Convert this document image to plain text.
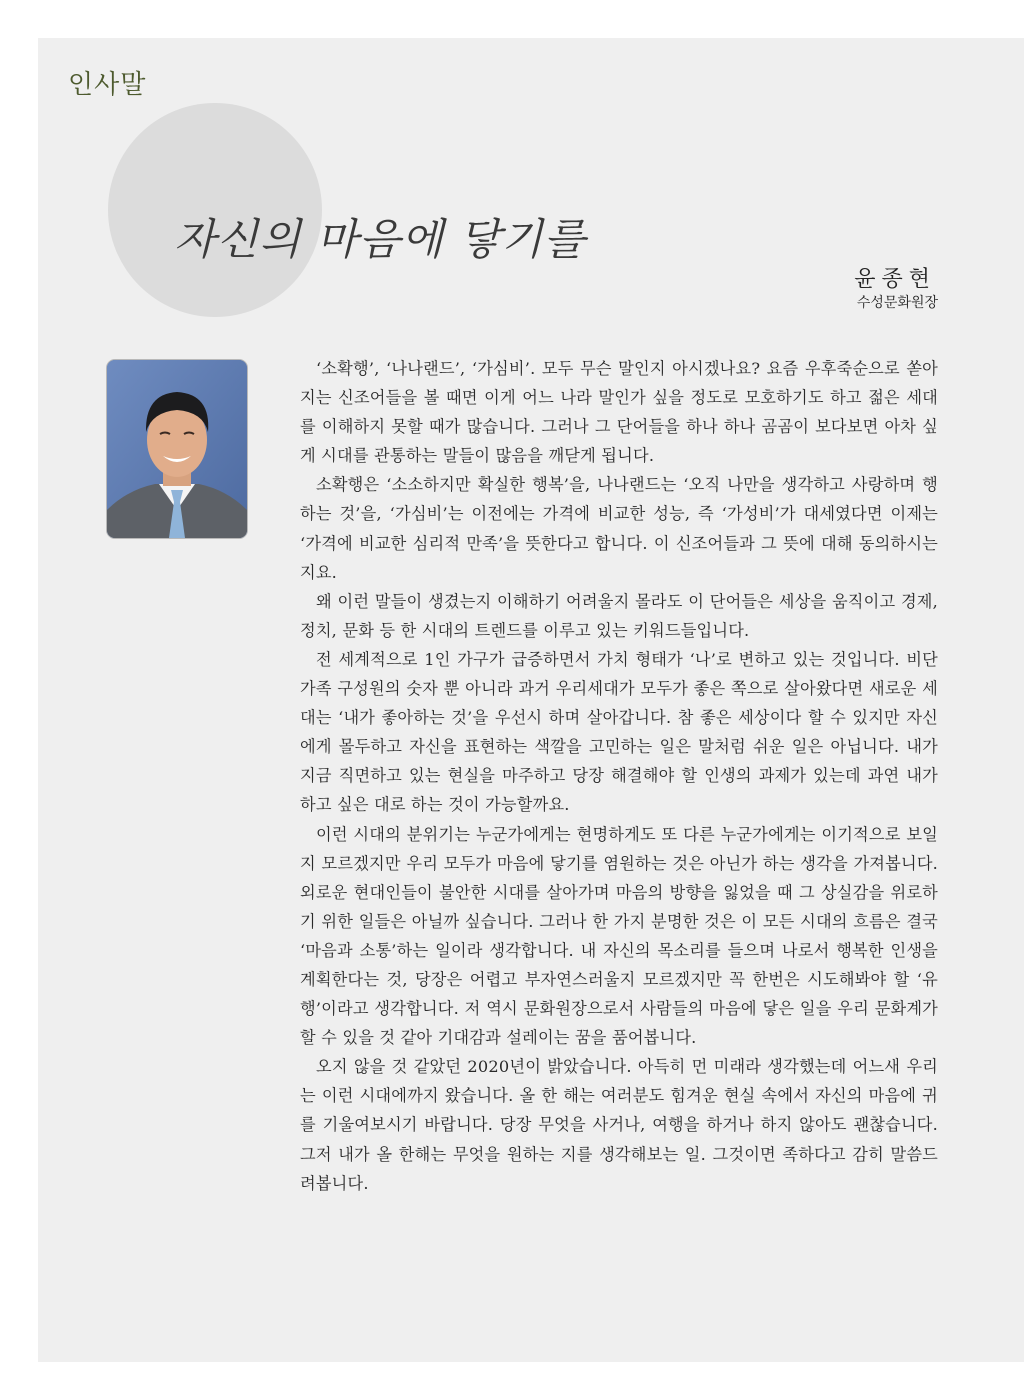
인사말
자신의 마음에 닿기를
윤종현
수성문화원장

‘소확행’, ‘나나랜드’, ‘가심비’. 모두 무슨 말인지 아시겠나요? 요즘 우후죽순으로 쏟아지는 신조어들을 볼 때면 이게 어느 나라 말인가 싶을 정도로 모호하기도 하고 젊은 세대를 이해하지 못할 때가 많습니다. 그러나 그 단어들을 하나 하나 곰곰이 보다보면 아차 싶게 시대를 관통하는 말들이 많음을 깨닫게 됩니다.

소확행은 ‘소소하지만 확실한 행복’을, 나나랜드는 ‘오직 나만을 생각하고 사랑하며 행하는 것’을, ‘가심비’는 이전에는 가격에 비교한 성능, 즉 ‘가성비’가 대세였다면 이제는 ‘가격에 비교한 심리적 만족’을 뜻한다고 합니다. 이 신조어들과 그 뜻에 대해 동의하시는지요.

왜 이런 말들이 생겼는지 이해하기 어려울지 몰라도 이 단어들은 세상을 움직이고 경제, 정치, 문화 등 한 시대의 트렌드를 이루고 있는 키워드들입니다.

전 세계적으로 1인 가구가 급증하면서 가치 형태가 ‘나’로 변하고 있는 것입니다. 비단 가족 구성원의 숫자 뿐 아니라 과거 우리세대가 모두가 좋은 쪽으로 살아왔다면 새로운 세대는 ‘내가 좋아하는 것’을 우선시 하며 살아갑니다. 참 좋은 세상이다 할 수 있지만 자신에게 몰두하고 자신을 표현하는 색깔을 고민하는 일은 말처럼 쉬운 일은 아닙니다. 내가 지금 직면하고 있는 현실을 마주하고 당장 해결해야 할 인생의 과제가 있는데 과연 내가 하고 싶은 대로 하는 것이 가능할까요.

이런 시대의 분위기는 누군가에게는 현명하게도 또 다른 누군가에게는 이기적으로 보일지 모르겠지만 우리 모두가 마음에 닿기를 염원하는 것은 아닌가 하는 생각을 가져봅니다. 외로운 현대인들이 불안한 시대를 살아가며 마음의 방향을 잃었을 때 그 상실감을 위로하기 위한 일들은 아닐까 싶습니다. 그러나 한 가지 분명한 것은 이 모든 시대의 흐름은 결국 ‘마음과 소통’하는 일이라 생각합니다. 내 자신의 목소리를 들으며 나로서 행복한 인생을 계획한다는 것, 당장은 어렵고 부자연스러울지 모르겠지만 꼭 한번은 시도해봐야 할 ‘유행’이라고 생각합니다. 저 역시 문화원장으로서 사람들의 마음에 닿은 일을 우리 문화계가 할 수 있을 것 같아 기대감과 설레이는 꿈을 품어봅니다.

오지 않을 것 같았던 2020년이 밝았습니다. 아득히 먼 미래라 생각했는데 어느새 우리는 이런 시대에까지 왔습니다. 올 한 해는 여러분도 힘겨운 현실 속에서 자신의 마음에 귀를 기울여보시기 바랍니다. 당장 무엇을 사거나, 여행을 하거나 하지 않아도 괜찮습니다. 그저 내가 올 한해는 무엇을 원하는 지를 생각해보는 일. 그것이면 족하다고 감히 말씀드려봅니다.
